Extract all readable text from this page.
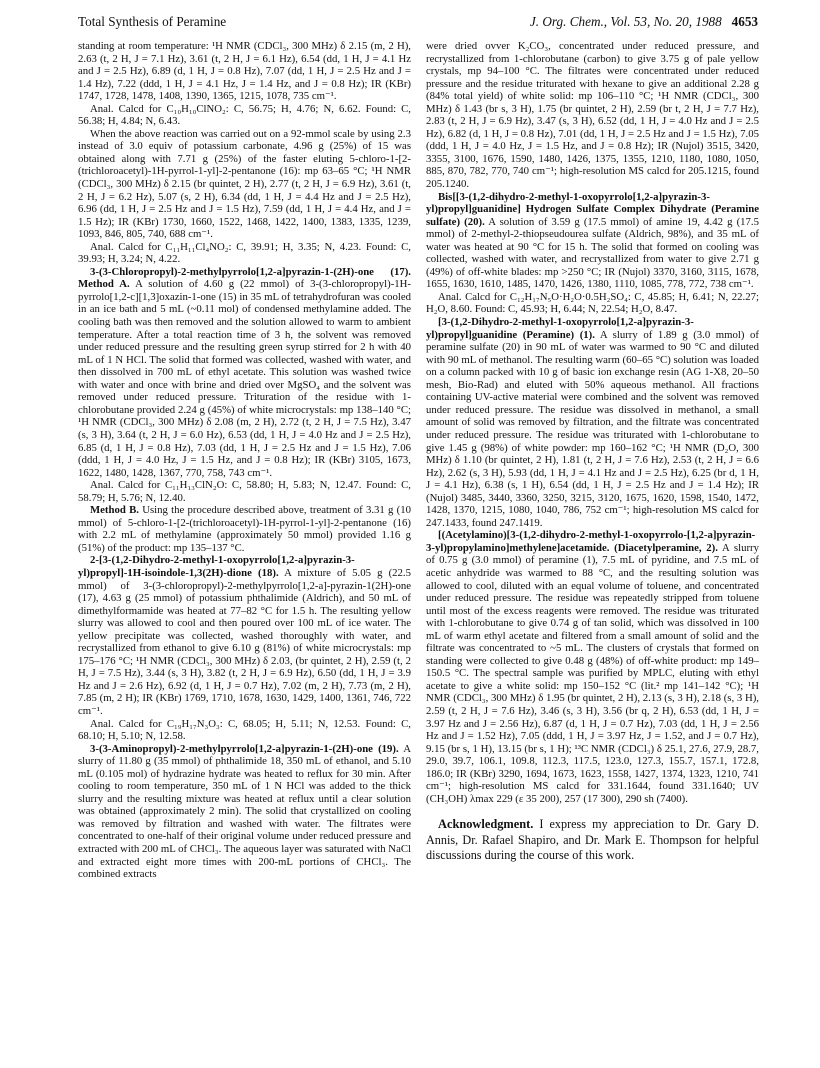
Total Synthesis of Peramine	J. Org. Chem., Vol. 53, No. 20, 1988 4653

standing at room temperature: ¹H NMR (CDCl₃, 300 MHz) δ 2.15 (m, 2 H), 2.63 (t, 2 H, J = 7.1 Hz), 3.61 (t, 2 H, J = 6.1 Hz), 6.54 (dd, 1 H, J = 4.1 Hz and J = 2.5 Hz), 6.89 (d, 1 H, J = 0.8 Hz), 7.07 (dd, 1 H, J = 2.5 Hz and J = 1.4 Hz), 7.22 (ddd, 1 H, J = 4.1 Hz, J = 1.4 Hz, and J = 0.8 Hz); IR (KBr) 1747, 1728, 1478, 1408, 1390, 1365, 1215, 1078, 735 cm⁻¹.

Anal. Calcd for C₁₀H₁₀ClNO₂: C, 56.75; H, 4.76; N, 6.62. Found: C, 56.38; H, 4.84; N, 6.43.

When the above reaction was carried out on a 92-mmol scale by using 2.3 instead of 3.0 equiv of potassium carbonate, 4.96 g (25%) of 15 was obtained along with 7.71 g (25%) of the faster eluting 5-chloro-1-[2-(trichloroacetyl)-1H-pyrrol-1-yl]-2-pentanone (16): mp 63–65 °C; ¹H NMR (CDCl₃, 300 MHz) δ 2.15 (br quintet, 2 H), 2.77 (t, 2 H, J = 6.9 Hz), 3.61 (t, 2 H, J = 6.2 Hz), 5.07 (s, 2 H), 6.34 (dd, 1 H, J = 4.4 Hz and J = 2.5 Hz), 6.96 (dd, 1 H, J = 2.5 Hz and J = 1.5 Hz), 7.59 (dd, 1 H, J = 4.4 Hz, and J = 1.5 Hz); IR (KBr) 1730, 1660, 1522, 1468, 1422, 1400, 1383, 1335, 1239, 1093, 846, 805, 740, 688 cm⁻¹.

Anal. Calcd for C₁₁H₁₁Cl₄NO₂: C, 39.91; H, 3.35; N, 4.23. Found: C, 39.93; H, 3.24; N, 4.22.

3-(3-Chloropropyl)-2-methylpyrrolo[1,2-a]pyrazin-1-(2H)-one (17). Method A. A solution of 4.60 g (22 mmol) of 3-(3-chloropropyl)-1H-pyrrolo[1,2-c][1,3]oxazin-1-one (15) in 35 mL of tetrahydrofuran was cooled in an ice bath and 5 mL (~0.11 mol) of condensed methylamine added. The cooling bath was then removed and the solution allowed to warm to ambient temperature. After a total reaction time of 3 h, the solvent was removed under reduced pressure and the resulting green syrup stirred for 2 h with 40 mL of 1 N HCl. The solid that formed was collected, washed with water, and then dissolved in 700 mL of ethyl acetate. This solution was washed twice with water and once with brine and dried over MgSO₄ and the solvent was removed under reduced pressure. Trituration of the residue with 1-chlorobutane provided 2.24 g (45%) of white microcrystals: mp 138–140 °C; ¹H NMR (CDCl₃, 300 MHz) δ 2.08 (m, 2 H), 2.72 (t, 2 H, J = 7.5 Hz), 3.47 (s, 3 H), 3.64 (t, 2 H, J = 6.0 Hz), 6.53 (dd, 1 H, J = 4.0 Hz and J = 2.5 Hz), 6.85 (d, 1 H, J = 0.8 Hz), 7.03 (dd, 1 H, J = 2.5 Hz and J = 1.5 Hz), 7.06 (ddd, 1 H, J = 4.0 Hz, J = 1.5 Hz, and J = 0.8 Hz); IR (KBr) 3105, 1673, 1622, 1480, 1428, 1367, 770, 758, 743 cm⁻¹.

Anal. Calcd for C₁₁H₁₃ClN₂O: C, 58.80; H, 5.83; N, 12.47. Found: C, 58.79; H, 5.76; N, 12.40.

Method B. Using the procedure described above, treatment of 3.31 g (10 mmol) of 5-chloro-1-[2-(trichloroacetyl)-1H-pyrrol-1-yl]-2-pentanone (16) with 2.2 mL of methylamine (approximately 50 mmol) provided 1.16 g (51%) of the product: mp 135–137 °C.

2-[3-(1,2-Dihydro-2-methyl-1-oxopyrrolo[1,2-a]pyrazin-3-yl)propyl]-1H-isoindole-1,3(2H)-dione (18). A mixture of 5.05 g (22.5 mmol) of 3-(3-chloropropyl)-2-methylpyrrolo[1,2-a]-pyrazin-1(2H)-one (17), 4.63 g (25 mmol) of potassium phthalimide (Aldrich), and 50 mL of dimethylformamide was heated at 77–82 °C for 1.5 h. The resulting yellow slurry was allowed to cool and then poured over 100 mL of ice water. The yellow precipitate was collected, washed thoroughly with water, and recrystallized from ethanol to give 6.10 g (81%) of white microcrystals: mp 175–176 °C; ¹H NMR (CDCl₃, 300 MHz) δ 2.03, (br quintet, 2 H), 2.59 (t, 2 H, J = 7.5 Hz), 3.44 (s, 3 H), 3.82 (t, 2 H, J = 6.9 Hz), 6.50 (dd, 1 H, J = 3.9 Hz and J = 2.6 Hz), 6.92 (d, 1 H, J = 0.7 Hz), 7.02 (m, 2 H), 7.73 (m, 2 H), 7.85 (m, 2 H); IR (KBr) 1769, 1710, 1678, 1630, 1429, 1400, 1361, 746, 722 cm⁻¹.

Anal. Calcd for C₁₉H₁₇N₃O₃: C, 68.05; H, 5.11; N, 12.53. Found: C, 68.10; H, 5.10; N, 12.58.

3-(3-Aminopropyl)-2-methylpyrrolo[1,2-a]pyrazin-1-(2H)-one (19). A slurry of 11.80 g (35 mmol) of phthalimide 18, 350 mL of ethanol, and 5.10 mL (0.105 mol) of hydrazine hydrate was heated to reflux for 30 min. After cooling to room temperature, 350 mL of 1 N HCl was added to the thick slurry and the resulting mixture was heated at reflux until a clear solution was obtained (approximately 2 min). The solid that crystallized on cooling was removed by filtration and washed with water. The filtrates were concentrated to one-half of their original volume under reduced pressure and extracted with 200 mL of CHCl₃. The aqueous layer was saturated with NaCl and extracted eight more times with 200-mL portions of CHCl₃. The combined extracts

were dried ovver K₂CO₃, concentrated under reduced pressure, and recrystallized from 1-chlorobutane (carbon) to give 3.75 g of pale yellow crystals, mp 94–100 °C. The filtrates were concentrated under reduced pressure and the residue triturated with hexane to give an additional 2.28 g (84% total yield) of white solid: mp 106–110 °C; ¹H NMR (CDCl₃, 300 MHz) δ 1.43 (br s, 3 H), 1.75 (br quintet, 2 H), 2.59 (br t, 2 H, J = 7.7 Hz), 2.83 (t, 2 H, J = 6.9 Hz), 3.47 (s, 3 H), 6.52 (dd, 1 H, J = 4.0 Hz and J = 2.5 Hz), 6.82 (d, 1 H, J = 0.8 Hz), 7.01 (dd, 1 H, J = 2.5 Hz and J = 1.5 Hz), 7.05 (ddd, 1 H, J = 4.0 Hz, J = 1.5 Hz, and J = 0.8 Hz); IR (Nujol) 3515, 3420, 3355, 3100, 1676, 1590, 1480, 1426, 1375, 1355, 1210, 1180, 1080, 1050, 885, 870, 782, 770, 740 cm⁻¹; high-resolution MS calcd for 205.1215, found 205.1240.

Bis[[3-(1,2-dihydro-2-methyl-1-oxopyrrolo[1,2-a]pyrazin-3-yl)propyl]guanidine] Hydrogen Sulfate Complex Dihydrate (Peramine sulfate) (20). A solution of 3.59 g (17.5 mmol) of amine 19, 4.42 g (17.5 mmol) of 2-methyl-2-thiopseudourea sulfate (Aldrich, 98%), and 35 mL of water was heated at 90 °C for 15 h. The solid that formed on cooling was collected, washed with water, and recrystallized from water to give 2.71 g (49%) of off-white blades: mp >250 °C; IR (Nujol) 3370, 3160, 3115, 1678, 1655, 1630, 1610, 1485, 1470, 1426, 1380, 1110, 1085, 778, 772, 738 cm⁻¹.

Anal. Calcd for C₁₂H₁₇N₅O·H₂O·0.5H₂SO₄: C, 45.85; H, 6.41; N, 22.27; H₂O, 8.60. Found: C, 45.93; H, 6.44; N, 22.54; H₂O, 8.47.

[3-(1,2-Dihydro-2-methyl-1-oxopyrrolo[1,2-a]pyrazin-3-yl)propyl]guanidine (Peramine) (1). A slurry of 1.89 g (3.0 mmol) of peramine sulfate (20) in 90 mL of water was warmed to 90 °C and diluted with 90 mL of methanol. The resulting warm (60–65 °C) solution was loaded on a column packed with 10 g of basic ion exchange resin (AG 1-X8, 20–50 mesh, Bio-Rad) and eluted with 50% aqueous methanol. All fractions containing UV-active material were combined and the solvent was removed under reduced pressure. The residue was dissolved in methanol, a small amount of solid was removed by filtration, and the filtrate was concentrated under reduced pressure. The residue was triturated with 1-chlorobutane to give 1.45 g (98%) of white powder: mp 160–162 °C; ¹H NMR (D₂O, 300 MHz) δ 1.10 (br quintet, 2 H), 1.81 (t, 2 H, J = 7.6 Hz), 2.53 (t, 2 H, J = 6.6 Hz), 2.62 (s, 3 H), 5.93 (dd, 1 H, J = 4.1 Hz and J = 2.5 Hz), 6.25 (br d, 1 H, J = 4.1 Hz), 6.38 (s, 1 H), 6.54 (dd, 1 H, J = 2.5 Hz and J = 1.4 Hz); IR (Nujol) 3485, 3440, 3360, 3250, 3215, 3120, 1675, 1620, 1598, 1540, 1472, 1428, 1370, 1215, 1080, 1040, 786, 752 cm⁻¹; high-resolution MS calcd for 247.1433, found 247.1419.

[(Acetylamino)[3-(1,2-dihydro-2-methyl-1-oxopyrrolo-[1,2-a]pyrazin-3-yl)propylamino]methylene]acetamide. (Diacetylperamine, 2). A slurry of 0.75 g (3.0 mmol) of peramine (1), 7.5 mL of pyridine, and 7.5 mL of acetic anhydride was warmed to 88 °C, and the resulting solution was allowed to cool, diluted with an equal volume of toluene, and concentrated under reduced pressure. The residue was repeatedly stripped from toluene until most of the excess reagents were removed. The residue was triturated with 1-chlorobutane to give 0.74 g of tan solid, which was dissolved in 100 mL of warm ethyl acetate and filtered from a small amount of solid and the filtrate was concentrated to ~5 mL. The clusters of crystals that formed on standing were collected to give 0.48 g (48%) of off-white product: mp 149–150.5 °C. The spectral sample was purified by MPLC, eluting with ethyl acetate to give a white solid: mp 150–152 °C (lit.² mp 141–142 °C); ¹H NMR (CDCl₃, 300 MHz) δ 1.95 (br quintet, 2 H), 2.13 (s, 3 H), 2.18 (s, 3 H), 2.59 (t, 2 H, J = 7.6 Hz), 3.46 (s, 3 H), 3.56 (br q, 2 H), 6.53 (dd, 1 H, J = 3.97 Hz and J = 2.56 Hz), 6.87 (d, 1 H, J = 0.7 Hz), 7.03 (dd, 1 H, J = 2.56 Hz and J = 1.52 Hz), 7.05 (ddd, 1 H, J = 3.97 Hz, J = 1.52, and J = 0.7 Hz), 9.15 (br s, 1 H), 13.15 (br s, 1 H); ¹³C NMR (CDCl₃) δ 25.1, 27.6, 27.9, 28.7, 29.0, 39.7, 106.1, 109.8, 112.3, 117.5, 123.0, 127.3, 155.7, 157.1, 172.8, 186.0; IR (KBr) 3290, 1694, 1673, 1623, 1558, 1427, 1374, 1323, 1210, 741 cm⁻¹; high-resolution MS calcd for 331.1644, found 331.1640; UV (CH₃OH) λmax 229 (ε 35 200), 257 (17 300), 290 sh (7400).

Acknowledgment. I express my appreciation to Dr. Gary D. Annis, Dr. Rafael Shapiro, and Dr. Mark E. Thompson for helpful discussions during the course of this work.
